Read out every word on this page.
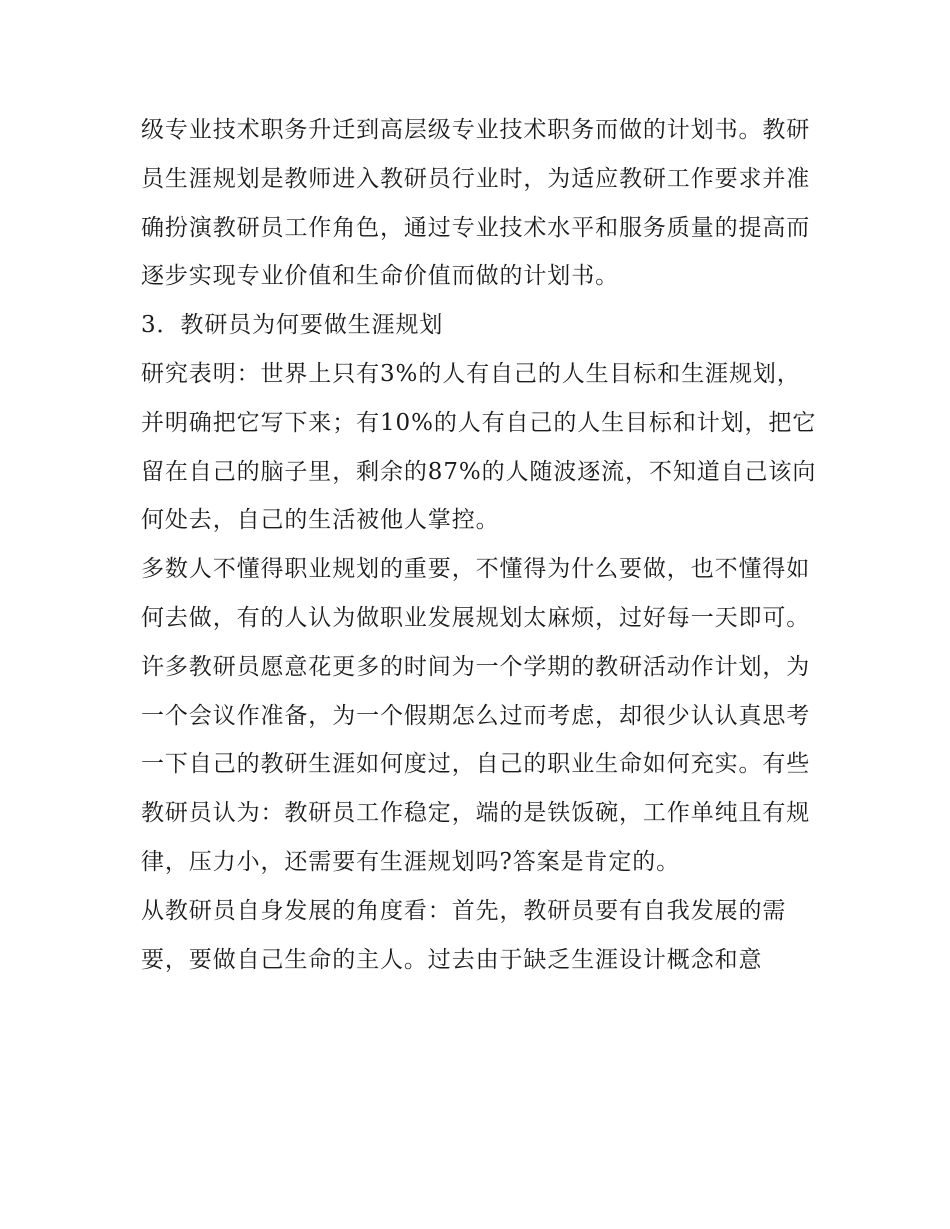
级专业技术职务升迁到高层级专业技术职务而做的计划书。教研员生涯规划是教师进入教研员行业时，为适应教研工作要求并准确扮演教研员工作角色，通过专业技术水平和服务质量的提高而逐步实现专业价值和生命价值而做的计划书。

3．教研员为何要做生涯规划

研究表明：世界上只有3%的人有自己的人生目标和生涯规划，并明确把它写下来；有10%的人有自己的人生目标和计划，把它留在自己的脑子里，剩余的87%的人随波逐流，不知道自己该向何处去，自己的生活被他人掌控。

多数人不懂得职业规划的重要，不懂得为什么要做，也不懂得如何去做，有的人认为做职业发展规划太麻烦，过好每一天即可。

许多教研员愿意花更多的时间为一个学期的教研活动作计划，为一个会议作准备，为一个假期怎么过而考虑，却很少认认真思考一下自己的教研生涯如何度过，自己的职业生命如何充实。有些教研员认为：教研员工作稳定，端的是铁饭碗，工作单纯且有规律，压力小，还需要有生涯规划吗?答案是肯定的。

从教研员自身发展的角度看：首先，教研员要有自我发展的需要，要做自己生命的主人。过去由于缺乏生涯设计概念和意
